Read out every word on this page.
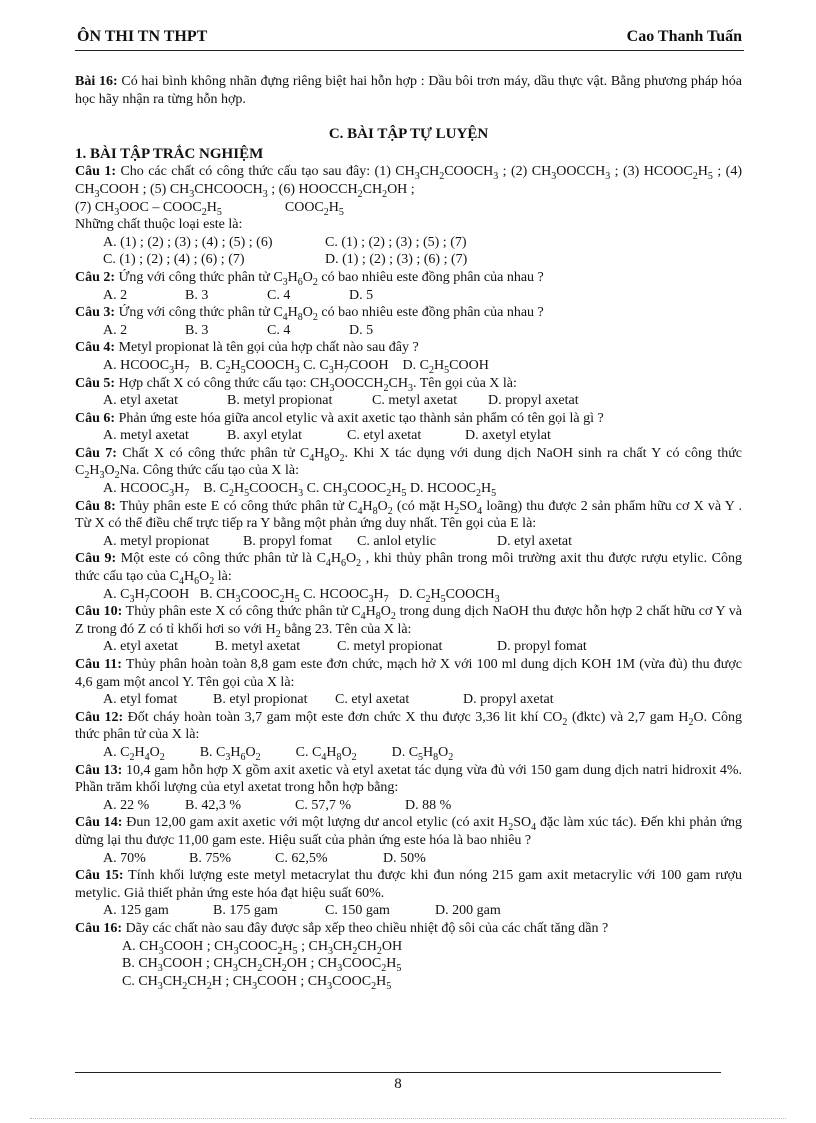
ÔN THI TN THPT	Cao Thanh Tuấn

Bài 16: Có hai bình không nhãn đựng riêng biệt hai hỗn hợp : Dầu bôi trơn máy, dầu thực vật. Bằng phương pháp hóa học hãy nhận ra từng hỗn hợp.

C. BÀI TẬP TỰ LUYỆN

1. BÀI TẬP TRẮC NGHIỆM

Câu 1: Cho các chất có công thức cấu tạo sau đây: (1) $CH_3CH_2COOCH_3$ ; (2) $CH_3OOCCH_3$ ; (3) $HCOOC_2H_5$ ; (4) $CH_3COOH$ ; (5) $CH_3CHCOOCH_3$ ; (6) $HOOCCH_2CH_2OH$ ;

(7) $CH_3OOC$ – $COOC_2H_5$                  $COOC_2H_5$

Những chất thuộc loại este là:

A. (1) ; (2) ; (3) ; (4) ; (5) ; (6)	C. (1) ; (2) ; (3) ; (5) ; (7)
C. (1) ; (2) ; (4) ; (6) ; (7)	D. (1) ; (2) ; (3) ; (6) ; (7)

Câu 2: Ứng với công thức phân tử $C_3H_6O_2$ có bao nhiêu este đồng phân của nhau ?

A. 2	B. 3	C. 4	D. 5

Câu 3: Ứng với công thức phân tử $C_4H_8O_2$ có bao nhiêu este đồng phân của nhau ?

A. 2	B. 3	C. 4	D. 5

Câu 4: Metyl propionat là tên gọi của hợp chất nào sau đây ?

A. $HCOOC_3H_7$   B. $C_2H_5COOCH_3$ C. $C_3H_7COOH$    D. $C_2H_5COOH$

Câu 5: Hợp chất X có công thức cấu tạo: $CH_3OOCCH_2CH_3$. Tên gọi của X là:

A. etyl axetat	B. metyl propionat	C. metyl axetat	D. propyl axetat

Câu 6: Phản ứng este hóa giữa ancol etylic và axit axetic tạo thành sản phẩm có tên gọi là gì ?

A. metyl axetat	B. axyl etylat	C. etyl axetat	D. axetyl etylat

Câu 7: Chất X có công thức phân tử $C_4H_8O_2$. Khi X tác dụng với dung dịch NaOH sinh ra chất Y có công thức $C_2H_3O_2Na$. Công thức cấu tạo của X là:

A. $HCOOC_3H_7$    B. $C_2H_5COOCH_3$ C. $CH_3COOC_2H_5$ D. $HCOOC_2H_5$

Câu 8: Thủy phân este E có công thức phân tử $C_4H_8O_2$ (có mặt $H_2SO_4$ loãng) thu được 2 sản phẩm hữu cơ X và Y . Từ X có thể điều chế trực tiếp ra Y bằng một phản ứng duy nhất. Tên gọi của E là:

A. metyl propionat	B. propyl fomat	C. anlol etylic	D. etyl axetat

Câu 9: Một este có công thức phân tử là $C_4H_6O_2$ , khi thủy phân trong môi trường axit thu được rượu etylic. Công thức cấu tạo của $C_4H_6O_2$ là:

A. $C_3H_7COOH$   B. $CH_3COOC_2H_5$ C. $HCOOC_3H_7$   D. $C_2H_5COOCH_3$

Câu 10: Thủy phân este X có công thức phân tử $C_4H_8O_2$ trong dung dịch NaOH thu được hỗn hợp 2 chất hữu cơ Y và Z trong đó Z có tỉ khối hơi so với $H_2$ bằng 23. Tên của X là:

A. etyl axetat	B. metyl axetat	C. metyl propionat	D. propyl fomat

Câu 11: Thủy phân hoàn toàn 8,8 gam este đơn chức, mạch hở X với 100 ml dung dịch KOH 1M (vừa đủ) thu được 4,6 gam một ancol Y. Tên gọi của X là:

A. etyl fomat	B. etyl propionat	C. etyl axetat	D. propyl axetat

Câu 12: Đốt cháy hoàn toàn 3,7 gam một este đơn chức X thu được 3,36 lit khí $CO_2$ (đktc) và 2,7 gam $H_2O$. Công thức phân tử của X là:

A. $C_2H_4O_2$          B. $C_3H_6O_2$          C. $C_4H_8O_2$          D. $C_5H_8O_2$

Câu 13: 10,4 gam hỗn hợp X gồm axit axetic và etyl axetat tác dụng vừa đủ với 150 gam dung dịch natri hidroxit 4%. Phần trăm khối lượng của etyl axetat trong hỗn hợp bằng:

A. 22 %	B. 42,3 %	C. 57,7 %	D. 88 %

Câu 14: Đun 12,00 gam axit axetic với một lượng dư ancol etylic (có axit $H_2SO_4$ đặc làm xúc tác). Đến khi phản ứng dừng lại thu được 11,00 gam este. Hiệu suất của phản ứng este hóa là bao nhiêu ?

A. 70%	B. 75%	C. 62,5%	D. 50%

Câu 15: Tính khối lượng este metyl metacrylat thu được khi đun nóng 215 gam axit metacrylic với 100 gam rượu metylic. Giả thiết phản ứng este hóa đạt hiệu suất 60%.

A. 125 gam	B. 175 gam	C. 150 gam	D. 200 gam

Câu 16: Dãy các chất nào sau đây được sắp xếp theo chiều nhiệt độ sôi của các chất tăng dần ?

A. $CH_3COOH$ ; $CH_3COOC_2H_5$ ; $CH_3CH_2CH_2OH$
B. $CH_3COOH$ ; $CH_3CH_2CH_2OH$ ; $CH_3COOC_2H_5$
C. $CH_3CH_2CH_2H$ ; $CH_3COOH$ ; $CH_3COOC_2H_5$
8
